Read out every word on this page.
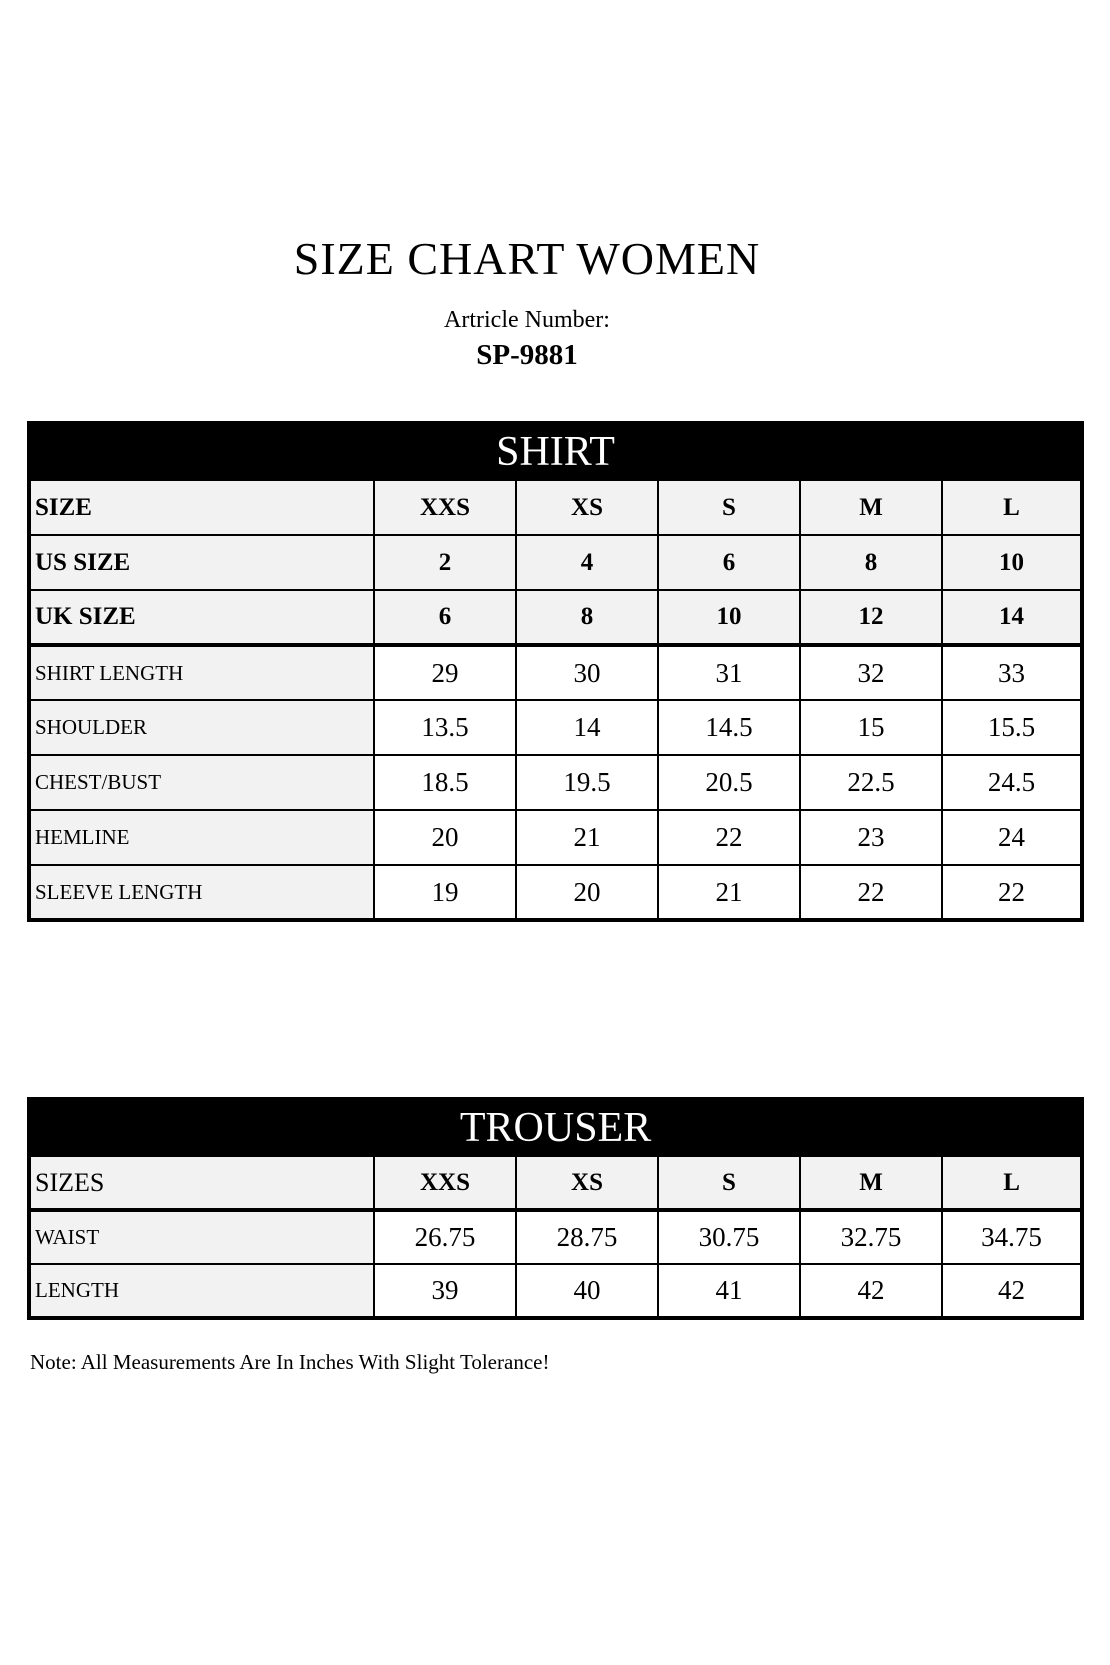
SIZE CHART WOMEN
Artricle Number:
SP-9881
SHIRT					
SIZE	XXS	XS	S	M	L
US SIZE	2	4	6	8	10
UK SIZE	6	8	10	12	14
SHIRT LENGTH	29	30	31	32	33
SHOULDER	13.5	14	14.5	15	15.5
CHEST/BUST	18.5	19.5	20.5	22.5	24.5
HEMLINE	20	21	22	23	24
SLEEVE LENGTH	19	20	21	22	22
TROUSER					
SIZES	XXS	XS	S	M	L
WAIST	26.75	28.75	30.75	32.75	34.75
LENGTH	39	40	41	42	42
Note: All Measurements Are In Inches With Slight Tolerance!
